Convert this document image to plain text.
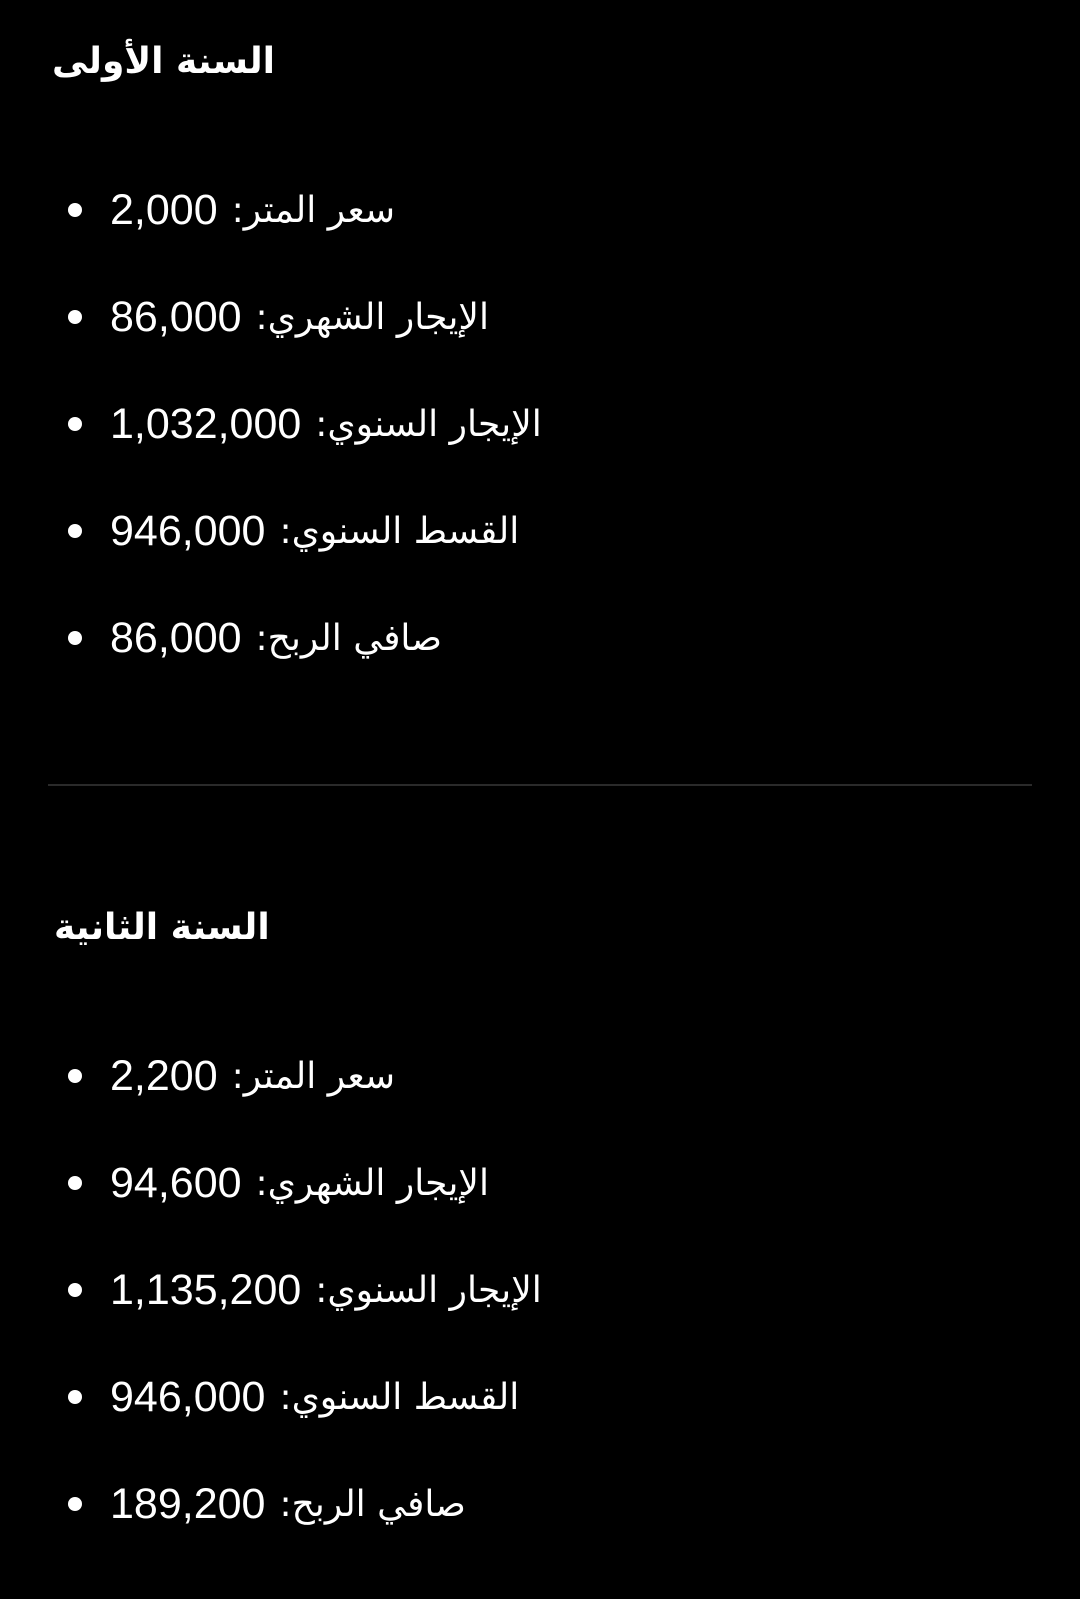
السنة الأولى
2,000 سعر المتر:
86,000 الإيجار الشهري:
1,032,000 الإيجار السنوي:
946,000 القسط السنوي:
86,000 صافي الربح:
السنة الثانية
2,200 سعر المتر:
94,600 الإيجار الشهري:
1,135,200 الإيجار السنوي:
946,000 القسط السنوي:
189,200 صافي الربح:
